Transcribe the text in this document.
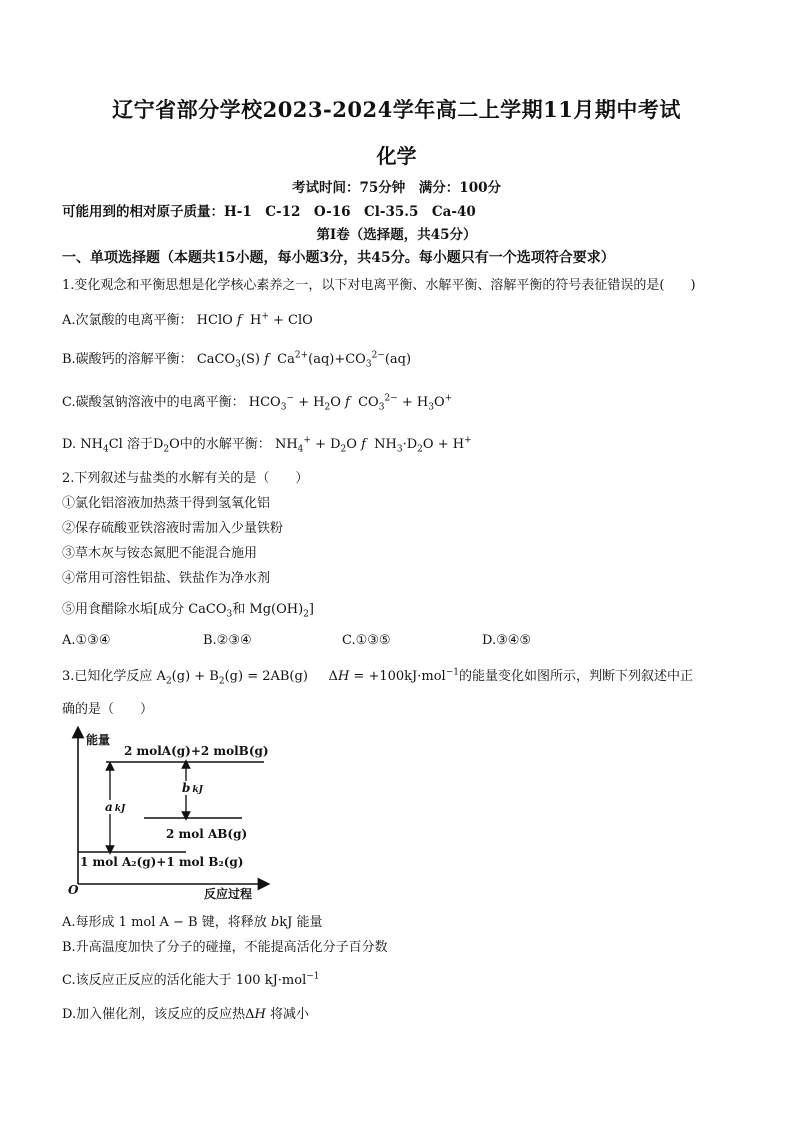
辽宁省部分学校2023-2024学年高二上学期11月期中考试
化学
考试时间：75分钟　满分：100分
可能用到的相对原子质量：H-1　C-12　O-16　Cl-35.5　Ca-40
第Ⅰ卷（选择题，共45分）
一、单项选择题（本题共15小题，每小题3分，共45分。每小题只有一个选项符合要求）
1.变化观念和平衡思想是化学核心素养之一，以下对电离平衡、水解平衡、溶解平衡的符号表征错误的是(　　)
A.次氯酸的电离平衡： HClO f  H+ + ClO
B.碳酸钙的溶解平衡： CaCO$_3$(S) f  $Ca^{2+}(aq)+CO_3^{2-}(aq)$
C.碳酸氢钠溶液中的电离平衡： $HCO_3^- + H_2O$ f  $CO_3^{2-} + H_3O^+$
D. $NH_4Cl$ 溶于$D_2O$中的水解平衡： $NH_4^+ + D_2O$ f  $NH_3\cdot D_2O + H^+$
2.下列叙述与盐类的水解有关的是（　　）
①氯化铝溶液加热蒸干得到氢氧化铝
②保存硫酸亚铁溶液时需加入少量铁粉
③草木灰与铵态氮肥不能混合施用
④常用可溶性铝盐、铁盐作为净水剂
⑤用食醋除水垢[成分 CaCO$_3$和 $Mg(OH)_2$]
A.①③④	B.②③④	C.①③⑤	D.③④⑤
3.已知化学反应 $A_2(g) + B_2(g) = 2AB(g)$     ΔH = +100kJ·mol$^{-1}$的能量变化如图所示，判断下列叙述中正
确的是（　　）
能量
反应过程
O
2 molA(g)+2 molB(g)
2 mol AB(g)
1 mol A₂(g)+1 mol B₂(g)
a kJ
b kJ
A.每形成 1 mol A − B 键，将释放 bkJ 能量
B.升高温度加快了分子的碰撞，不能提高活化分子百分数
C.该反应正反应的活化能大于 100 kJ·mol$^{-1}$
D.加入催化剂，该反应的反应热ΔH 将减小
